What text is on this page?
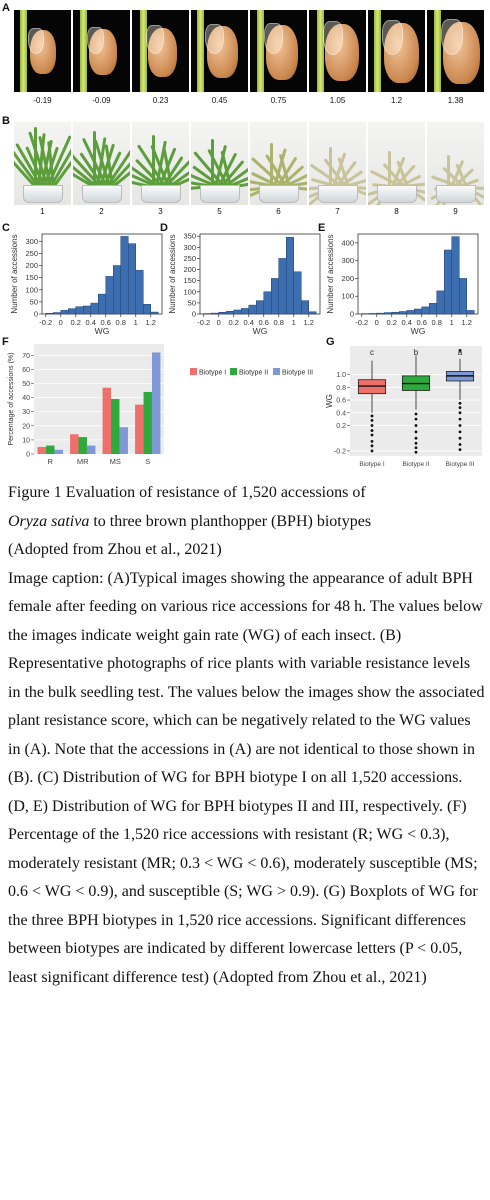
A
-0.19	-0.09	0.23	0.45	0.75	1.05	1.2	1.38
B
1	2	3	5	6	7	8	9
C
-0.2 0 0.2 0.4 0.6 0.8 1 1.2
0
50
100
150
200
250
300
WG
Number of accessions
D
-0.2 0 0.2 0.4 0.6 0.8 1 1.2
0
50
100
150
200
250
300
350
WG
Number of accessions
E
-0.2 0 0.2 0.4 0.6 0.8 1 1.2
0
100
200
300
400
WG
Number of accessions
F
0
10
20
30
40
50
60
70
R	MR	MS	S
Percentage of accessions (%)	Biotype I Biotype II Biotype III
G
-0.2
0.2
0.4
0.6
0.8
1.0
c
Biotype I
b
Biotype II
a
Biotype III
WG

Figure 1 Evaluation of resistance of 1,520 accessions of

Oryza sativa to three brown planthopper (BPH) biotypes

(Adopted from Zhou et al., 2021)

Image caption: (A)Typical images showing the appearance of adult BPH female after feeding on various rice accessions for 48 h. The values below the images indicate weight gain rate (WG) of each insect. (B) Representative photographs of rice plants with variable resistance levels in the bulk seedling test. The values below the images show the associated plant resistance score, which can be negatively related to the WG values in (A). Note that the accessions in (A) are not identical to those shown in (B). (C) Distribution of WG for BPH biotype I on all 1,520 accessions. (D, E) Distribution of WG for BPH biotypes II and III, respectively. (F) Percentage of the 1,520 rice accessions with resistant (R; WG < 0.3), moderately resistant (MR; 0.3 < WG < 0.6), moderately susceptible (MS; 0.6 < WG < 0.9), and susceptible (S; WG > 0.9). (G) Boxplots of WG for the three BPH biotypes in 1,520 rice accessions. Significant differences between biotypes are indicated by different lowercase letters (P < 0.05, least significant difference test) (Adopted from Zhou et al., 2021)
